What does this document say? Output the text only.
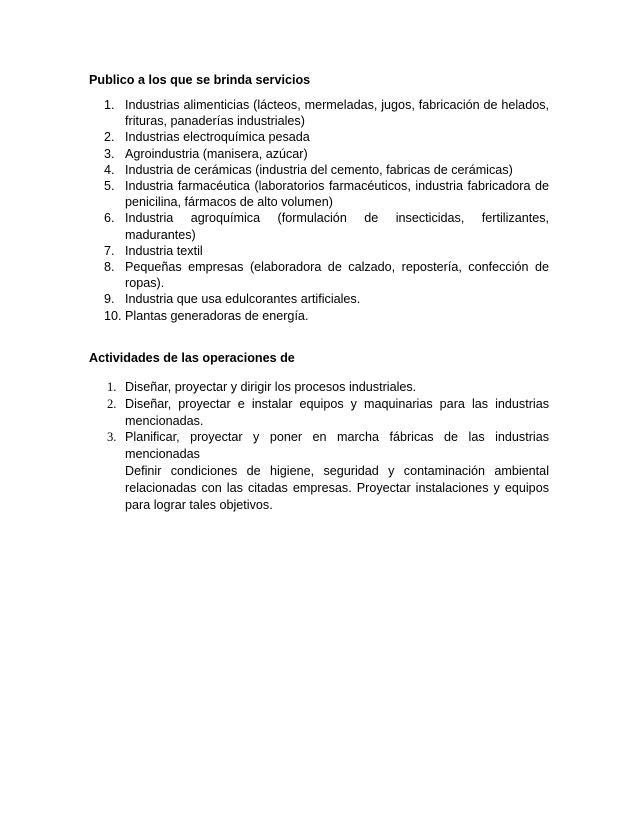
Publico a los que se brinda servicios
1. Industrias alimenticias (lácteos, mermeladas, jugos, fabricación de helados, frituras, panaderías industriales)
2. Industrias electroquímica pesada
3. Agroindustria (manisera, azúcar)
4. Industria de cerámicas (industria del cemento, fabricas de cerámicas)
5. Industria farmacéutica (laboratorios farmacéuticos, industria fabricadora de penicilina, fármacos de alto volumen)
6. Industria agroquímica (formulación de insecticidas, fertilizantes, madurantes)
7. Industria textil
8. Pequeñas empresas (elaboradora de calzado, repostería, confección de ropas).
9. Industria que usa edulcorantes artificiales.
10. Plantas generadoras de energía.
Actividades de las operaciones de
1. Diseñar, proyectar y dirigir los procesos industriales.
2. Diseñar, proyectar e instalar equipos y maquinarias para las industrias mencionadas.
3. Planificar, proyectar y poner en marcha fábricas de las industrias mencionadas
Definir condiciones de higiene, seguridad y contaminación ambiental relacionadas con las citadas empresas. Proyectar instalaciones y equipos para lograr tales objetivos.
